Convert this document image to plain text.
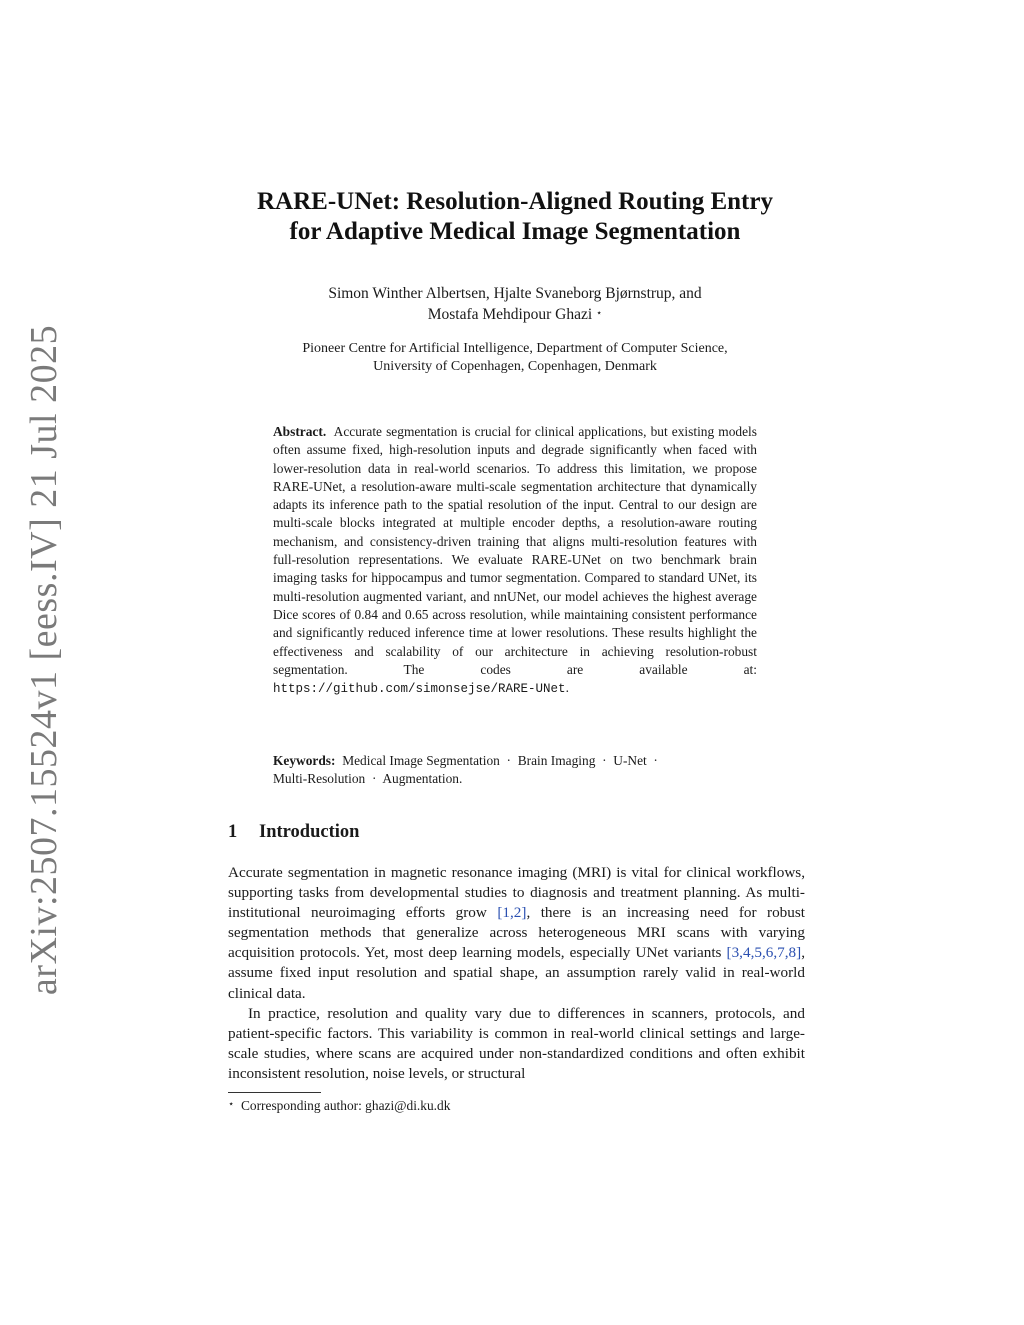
arXiv:2507.15524v1 [eess.IV] 21 Jul 2025
RARE-UNet: Resolution-Aligned Routing Entry
for Adaptive Medical Image Segmentation
Simon Winther Albertsen, Hjalte Svaneborg Bjørnstrup, and
Mostafa Mehdipour Ghazi ⋆
Pioneer Centre for Artificial Intelligence, Department of Computer Science,
University of Copenhagen, Copenhagen, Denmark
Abstract. Accurate segmentation is crucial for clinical applications, but existing models often assume fixed, high-resolution inputs and degrade significantly when faced with lower-resolution data in real-world scenarios. To address this limitation, we propose RARE-UNet, a resolution-aware multi-scale segmentation architecture that dynamically adapts its inference path to the spatial resolution of the input. Central to our design are multi-scale blocks integrated at multiple encoder depths, a resolution-aware routing mechanism, and consistency-driven training that aligns multi-resolution features with full-resolution representations. We evaluate RARE-UNet on two benchmark brain imaging tasks for hippocampus and tumor segmentation. Compared to standard UNet, its multi-resolution augmented variant, and nnUNet, our model achieves the highest average Dice scores of 0.84 and 0.65 across resolution, while maintaining consistent performance and significantly reduced inference time at lower resolutions. These results highlight the effectiveness and scalability of our architecture in achieving resolution-robust segmentation. The codes are available at: https://github.com/simonsejse/RARE-UNet.
Keywords: Medical Image Segmentation  ·  Brain Imaging  ·  U-Net  ·
Multi-Resolution  ·  Augmentation.
1 Introduction

Accurate segmentation in magnetic resonance imaging (MRI) is vital for clinical workflows, supporting tasks from developmental studies to diagnosis and treatment planning. As multi-institutional neuroimaging efforts grow [1,2], there is an increasing need for robust segmentation methods that generalize across heterogeneous MRI scans with varying acquisition protocols. Yet, most deep learning models, especially UNet variants [3,4,5,6,7,8], assume fixed input resolution and spatial shape, an assumption rarely valid in real-world clinical data.

In practice, resolution and quality vary due to differences in scanners, protocols, and patient-specific factors. This variability is common in real-world clinical settings and large-scale studies, where scans are acquired under non-standardized conditions and often exhibit inconsistent resolution, noise levels, or structural

⋆ Corresponding author: ghazi@di.ku.dk
